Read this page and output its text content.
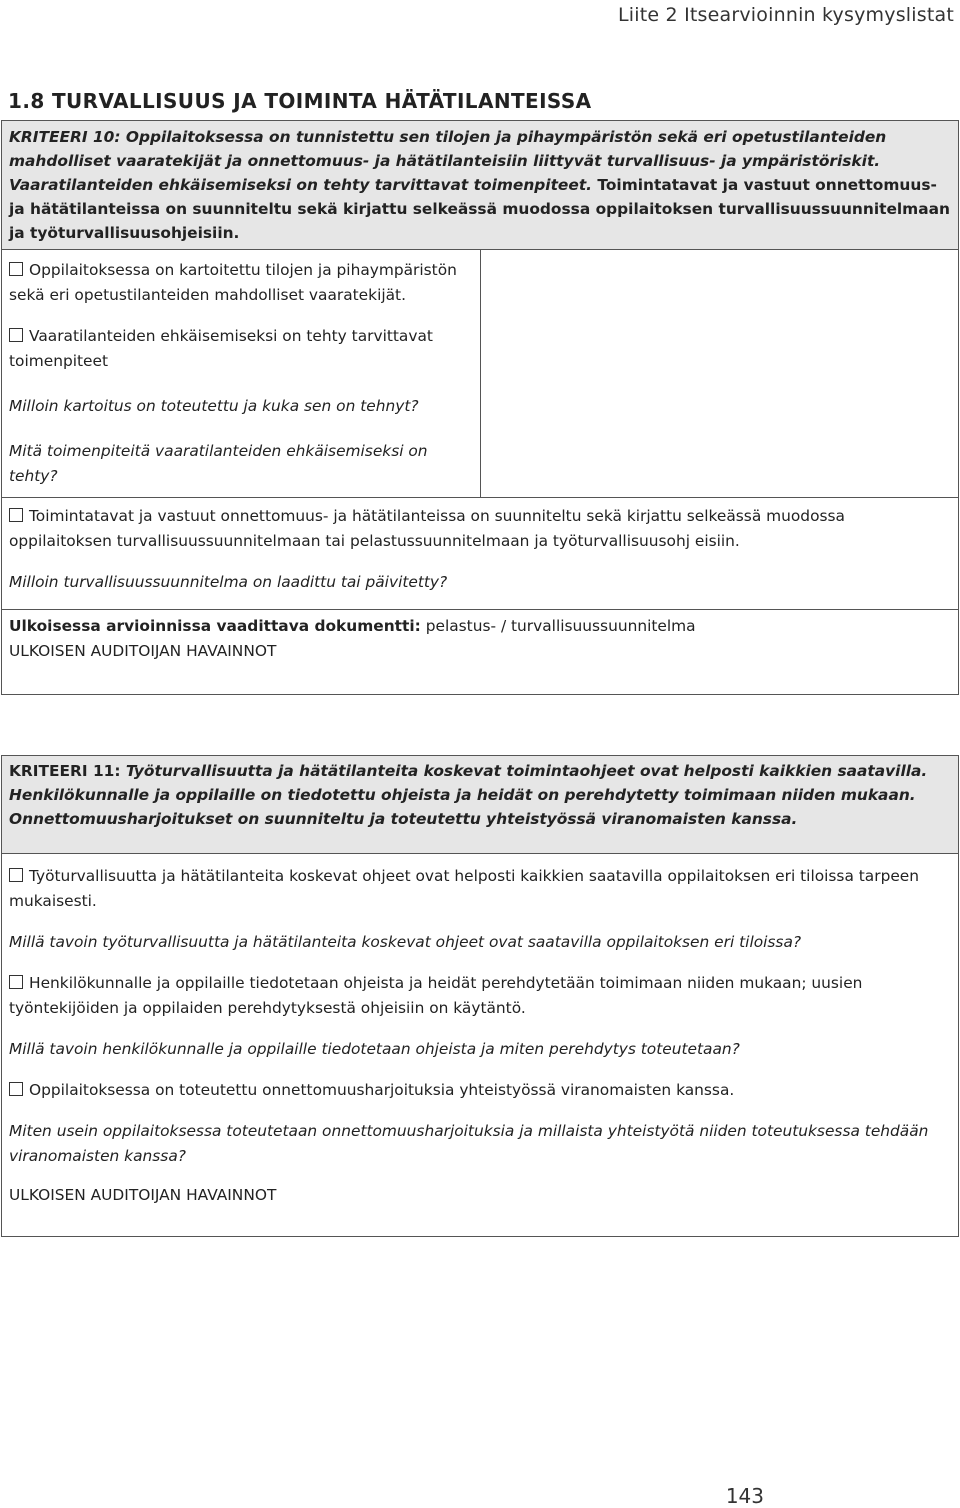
Liite 2 Itsearvioinnin kysymyslistat
1.8 TURVALLISUUS JA TOIMINTA HÄTÄTILANTEISSA
KRITEERI 10: Oppilaitoksessa on tunnistettu sen tilojen ja pihaympäristön sekä eri opetustilanteiden mahdolliset vaaratekijät ja onnettomuus- ja hätätilanteisiin liittyvät turvallisuus- ja ympäristöriskit. Vaaratilanteiden ehkäisemiseksi on tehty tarvittavat toimenpiteet. Toimintatavat ja vastuut onnettomuus- ja hätätilanteissa on suunniteltu sekä kirjattu selkeässä muodossa oppilaitoksen turvallisuussuunnitelmaan ja työturvallisuusohjeisiin.

Oppilaitoksessa on kartoitettu tilojen ja pihaympäristön sekä eri opetustilanteiden mahdolliset vaaratekijät.

Vaaratilanteiden ehkäisemiseksi on tehty tarvittavat toimenpiteet

Milloin kartoitus on toteutettu ja kuka sen on tehnyt?

Mitä toimenpiteitä vaaratilanteiden ehkäisemiseksi on tehty?

Toimintatavat ja vastuut onnettomuus- ja hätätilanteissa on suunniteltu sekä kirjattu selkeässä muodossa oppilaitoksen turvallisuussuunnitelmaan tai pelastussuunnitelmaan ja työturvallisuusohj eisiin.

Milloin turvallisuussuunnitelma on laadittu tai päivitetty?

Ulkoisessa arvioinnissa vaadittava dokumentti: pelastus- / turvallisuussuunnitelma

ULKOISEN AUDITOIJAN HAVAINNOT

KRITEERI 11: Työturvallisuutta ja hätätilanteita koskevat toimintaohjeet ovat helposti kaikkien saatavilla. Henkilökunnalle ja oppilaille on tiedotettu ohjeista ja heidät on perehdytetty toimimaan niiden mukaan. Onnettomuusharjoitukset on suunniteltu ja toteutettu yhteistyössä viranomaisten kanssa.

Työturvallisuutta ja hätätilanteita koskevat ohjeet ovat helposti kaikkien saatavilla oppilaitoksen eri tiloissa tarpeen mukaisesti.

Millä tavoin työturvallisuutta ja hätätilanteita koskevat ohjeet ovat saatavilla oppilaitoksen eri tiloissa?

Henkilökunnalle ja oppilaille tiedotetaan ohjeista ja heidät perehdytetään toimimaan niiden mukaan; uusien työntekijöiden ja oppilaiden perehdytyksestä ohjeisiin on käytäntö.

Millä tavoin henkilökunnalle ja oppilaille tiedotetaan ohjeista ja miten perehdytys toteutetaan?

Oppilaitoksessa on toteutettu onnettomuusharjoituksia yhteistyössä viranomaisten kanssa.

Miten usein oppilaitoksessa toteutetaan onnettomuusharjoituksia ja millaista yhteistyötä niiden toteutuksessa tehdään viranomaisten kanssa?

ULKOISEN AUDITOIJAN HAVAINNOT

143
